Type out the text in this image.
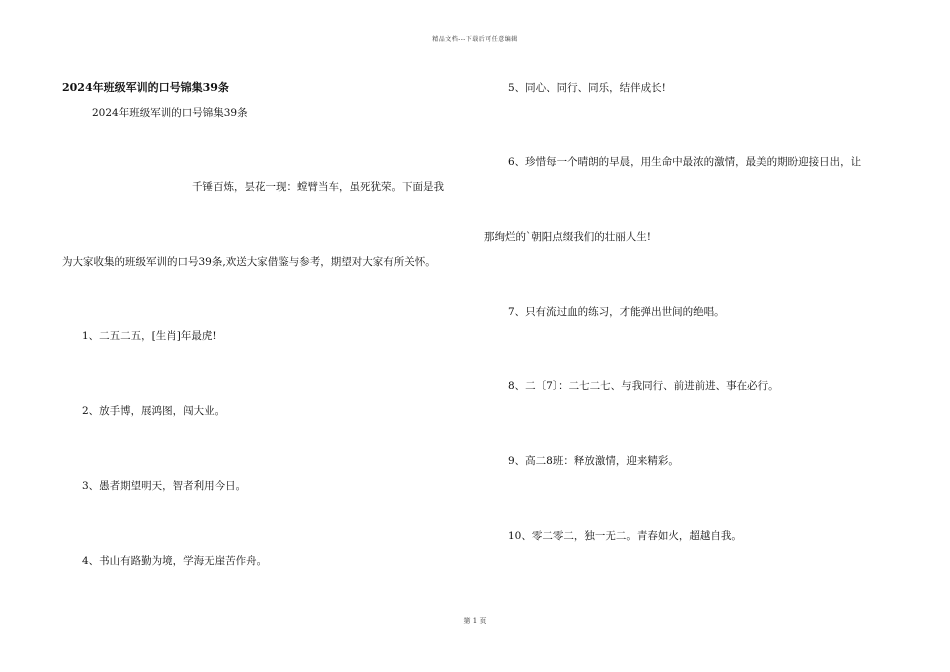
精品文档---下载后可任意编辑
2024年班级军训的口号锦集39条
2024年班级军训的口号锦集39条
千锤百炼，昙花一现：螳臂当车，虽死犹荣。下面是我
为大家收集的班级军训的口号39条,欢送大家借鉴与参考，期望对大家有所关怀。
1、二五二五，[生肖]年最虎!
2、放手博，展鸿图，闯大业。
3、愚者期望明天，智者利用今日。
4、书山有路勤为境，学海无崖苦作舟。
5、同心、同行、同乐，结伴成长!
6、珍惜每一个晴朗的早晨，用生命中最浓的激情，最美的期盼迎接日出，让
那绚烂的`朝阳点缀我们的壮丽人生!
7、只有流过血的练习，才能弹出世间的绝唱。
8、二〔7〕：二七二七、与我同行、前进前进、事在必行。
9、高二8班：释放激情，迎来精彩。
10、零二零二，独一无二。青春如火，超越自我。
第 1 页
